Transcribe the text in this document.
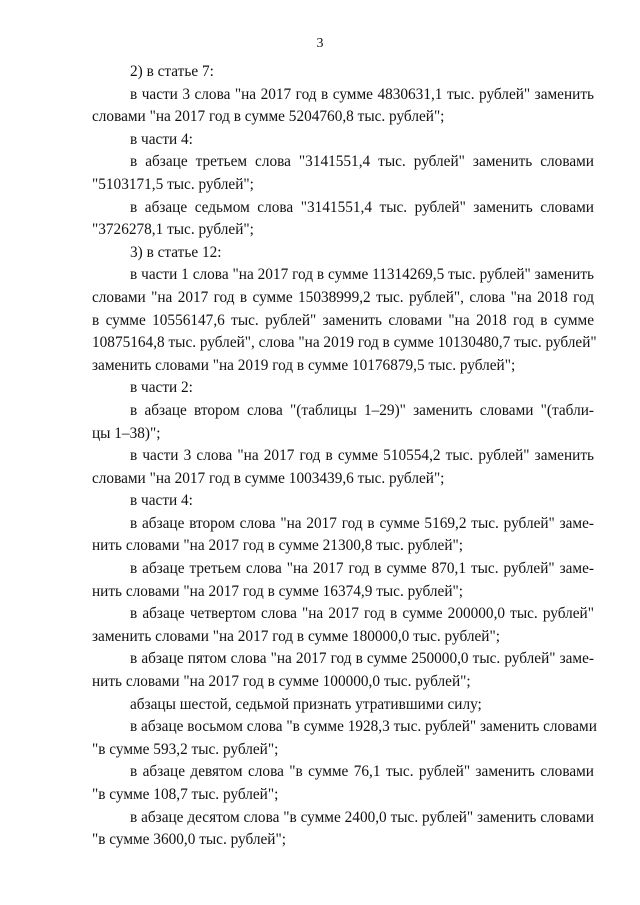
3
2) в статье 7:
в части 3 слова "на 2017 год в сумме 4830631,1 тыс. рублей" заменить
словами "на 2017 год в сумме 5204760,8 тыс. рублей";
в части 4:
в абзаце третьем слова "3141551,4 тыс. рублей" заменить словами
"5103171,5 тыс. рублей";
в абзаце седьмом слова "3141551,4 тыс. рублей" заменить словами
"3726278,1 тыс. рублей";
3) в статье 12:
в части 1 слова "на 2017 год в сумме 11314269,5 тыс. рублей" заменить
словами "на 2017 год в сумме 15038999,2 тыс. рублей", слова "на 2018 год
в сумме 10556147,6 тыс. рублей" заменить словами "на 2018 год в сумме
10875164,8 тыс. рублей", слова "на 2019 год в сумме 10130480,7 тыс. рублей"
заменить словами "на 2019 год в сумме 10176879,5 тыс. рублей";
в части 2:
в абзаце втором слова "(таблицы 1–29)" заменить словами "(табли-
цы 1–38)";
в части 3 слова "на 2017 год в сумме 510554,2 тыс. рублей" заменить
словами "на 2017 год в сумме 1003439,6 тыс. рублей";
в части 4:
в абзаце втором слова "на 2017 год в сумме 5169,2 тыс. рублей" заме-
нить словами "на 2017 год в сумме 21300,8 тыс. рублей";
в абзаце третьем слова "на 2017 год в сумме 870,1 тыс. рублей" заме-
нить словами "на 2017 год в сумме 16374,9 тыс. рублей";
в абзаце четвертом слова "на 2017 год в сумме 200000,0 тыс. рублей"
заменить словами "на 2017 год в сумме 180000,0 тыс. рублей";
в абзаце пятом слова "на 2017 год в сумме 250000,0 тыс. рублей" заме-
нить словами "на 2017 год в сумме 100000,0 тыс. рублей";
абзацы шестой, седьмой признать утратившими силу;
в абзаце восьмом слова "в сумме 1928,3 тыс. рублей" заменить словами
"в сумме 593,2 тыс. рублей";
в абзаце девятом слова "в сумме 76,1 тыс. рублей" заменить словами
"в сумме 108,7 тыс. рублей";
в абзаце десятом слова "в сумме 2400,0 тыс. рублей" заменить словами
"в сумме 3600,0 тыс. рублей";
